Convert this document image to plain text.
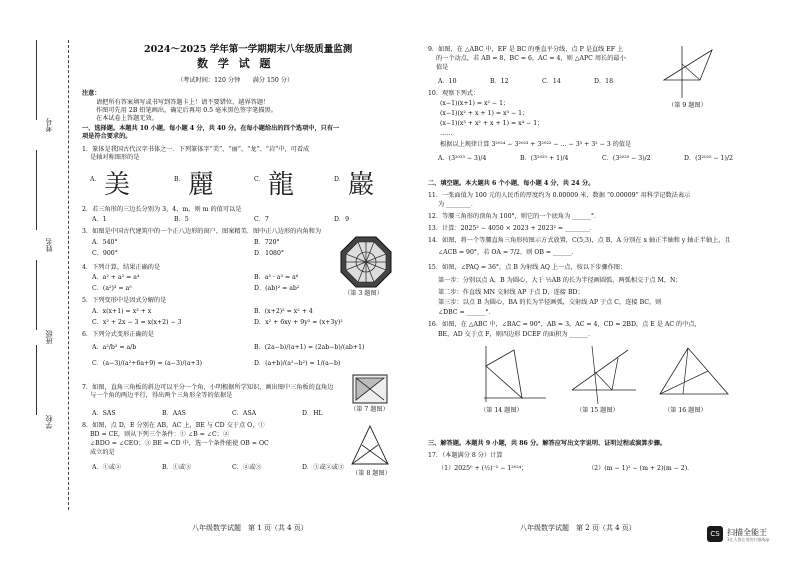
考号
姓名
班级
学校
2024～2025 学年第一学期期末八年级质量监测
数 学 试 题
（考试时间：120 分钟　　满分 150 分）
注意：
请把所有答案填写或书写到答题卡上！请不要错位、越界答题！
作图可先用 2B 铅笔画出，确定后再用 0.5 毫米黑色签字笔描黑。
在本试卷上答题无效。
一、选择题。本题共 10 小题，每小题 4 分，共 40 分。在每小题给出的四个选项中，只有一
项是符合要求的。
1．篆体是我国古代汉字书体之一．下列篆体字“美”、“丽”、“龙”、“岩”中，可看成
是轴对称图形的是
A． 美	B． 麗	C． 龍	D． 巖
2．若三角形的三边长分别为 3，4，m，则 m 的值可以是
A．1	B．5	C．7	D．9
3．如图是中国古代建筑中的一个正八边形的窗户，图案精美．图中正八边形的内角和为
A．540°	B．720°
C．900°	D．1080°
（第 3 题图）
4．下列计算，结果正确的是
A．a² + a² = a⁴	B．a³ · a³ = a⁶
C．(a²)³ = a⁵	D．(ab)² = ab²
5．下列变形中是因式分解的是
A．x(x+1) = x² + x	B．(x+2)² = x² + 4
C．x² + 2x − 3 = x(x+2) − 3	D．x² + 6xy + 9y² = (x+3y)²
6．下列分式变形正确的是
A．a²/b² = a/b	B．(2a−b)/(a+1) = (2ab−b)/(ab+1)
C．(a−3)/(a²+6a+9) = (a−3)/(a+3)	D．(a+b)/(a²−b²) = 1/(a−b)
7．如图，直角三角板的斜边可以平分一个角，小明根据所学知识，画出图中三角板的直角边
与一个角的两边平行，得出两个三角形全等的依据是
A．SAS	B．AAS	C．ASA	D．HL
（第 7 题图）
8．如图，点 D，E 分别在 AB，AC 上，BE 与 CD 交于点 O，①
BD = CE，则从下列三个条件：① ∠B = ∠C；②
∠BDO = ∠CEO；③ BE = CD 中，选一个条件能使 OB = OC
成立的是
A．①或②	B．①或③	C．②或③	D．①或②或③
（第 8 题图）
八年级数学试题　第 1 页（共 4 页）
9．如图，在 △ABC 中，EF 是 BC 的垂直平分线，点 P 是直线 EF 上
的一个动点，若 AB = 8，BC = 6，AC = 4，则 △APC 周长的最小
值是
A．10	B．12	C．14	D．18
（第 9 题图）
10．观察下列式：
(x−1)(x+1) = x² − 1；
(x−1)(x² + x + 1) = x³ − 1；
(x−1)(x³ + x² + x + 1) = x⁴ − 1；
……
根据以上规律计算 3²⁰²⁴ − 3²⁰²³ + 3²⁰²² − … − 3³ + 3² − 3 的值是
A．(3²⁰²⁵ − 3)/4	B．(3²⁰²⁵ + 1)/4	C．(3²⁰²⁵ − 3)/2	D．(3²⁰²⁵ − 1)/2
二、填空题。本大题共 6 个小题，每小题 4 分，共 24 分。
11．一张面值为 100 元的人民币的厚度约为 0.00009 米，数据 “0.00009” 用科学记数法表示
为 ________．
12．等腰三角形的顶角为 100°，则它的一个底角为 ______°．
13．计算：2025² − 4050 × 2023 + 2023² = ________．
14．如图，将一个等腰直角三角形按图示方式放置，C(5,3)，点 B，A 分别在 x 轴正半轴和 y 轴正半轴上，且
∠ACB = 90°，若 OA = 7/2，则 OB = ______．
15．如图，∠PAQ = 36°，点 B 为射线 AQ 上一点，按以下步骤作图：
第一步：分别以点 A，B 为圆心，大于 ½AB 的长为半径画圆弧，两弧相交于点 M，N；
第二步：作直线 MN 交射线 AP 于点 D，连接 BD；
第三步：以点 B 为圆心，BA 的长为半径画弧，交射线 AP 于点 C，连接 BC，则
∠DBC = ______°．
16．如图，在 △ABC 中，∠BAC = 90°，AB = 3，AC = 4，CD = 2BD，点 E 是 AC 的中点，
BE，AD 交于点 F，则四边形 DCEF 的面积为 ______．
（第 14 题图）	（第 15 题图）	（第 16 题图）
三、解答题。本题共 9 小题，共 86 分。解答应写出文字说明、证明过程或演算步骤。
17．（本题满分 8 分）计算
（1）2025⁰ + (½)⁻² − 1²⁰²⁴；	（2）(m − 1)² − (m + 2)(m − 2)．
八年级数学试题　第 2 页（共 4 页）
CS 扫描全能王
3亿人都在用的扫描App
